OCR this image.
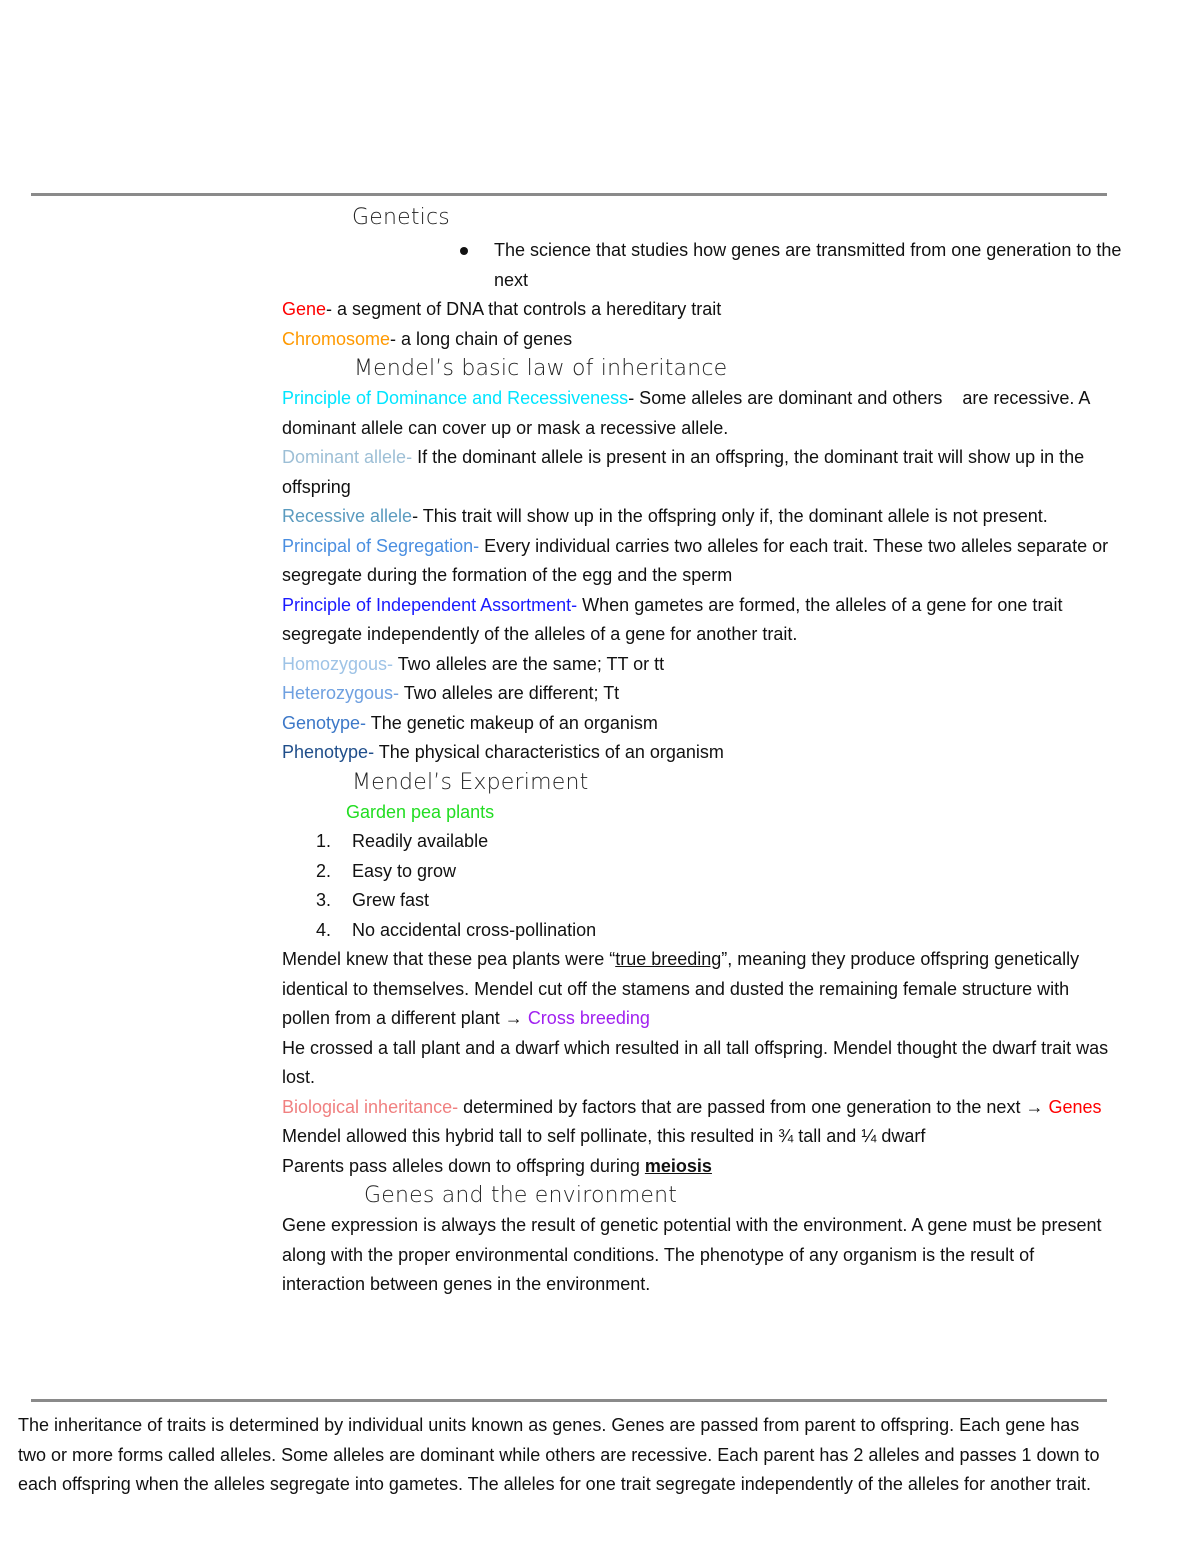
Genetics

The science that studies how genes are transmitted from one generation to the next

Gene- a segment of DNA that controls a hereditary trait

Chromosome- a long chain of genes

Mendel’s basic law of inheritance

Principle of Dominance and Recessiveness- Some alleles are dominant and others    are recessive. A dominant allele can cover up or mask a recessive allele.

Dominant allele- If the dominant allele is present in an offspring, the dominant trait will show up in the offspring

Recessive allele- This trait will show up in the offspring only if, the dominant allele is not present.

Principal of Segregation- Every individual carries two alleles for each trait. These two alleles separate or segregate during the formation of the egg and the sperm

Principle of Independent Assortment- When gametes are formed, the alleles of a gene for one trait segregate independently of the alleles of a gene for another trait.

Homozygous- Two alleles are the same; TT or tt

Heterozygous- Two alleles are different; Tt

Genotype- The genetic makeup of an organism

Phenotype- The physical characteristics of an organism

Mendel’s Experiment

Garden pea plants

1. Readily available
2. Easy to grow
3. Grew fast
4. No accidental cross-pollination

Mendel knew that these pea plants were “true breeding”, meaning they produce offspring genetically identical to themselves. Mendel cut off the stamens and dusted the remaining female structure with pollen from a different plant → Cross breeding

He crossed a tall plant and a dwarf which resulted in all tall offspring. Mendel thought the dwarf trait was lost.

Biological inheritance- determined by factors that are passed from one generation to the next → Genes

Mendel allowed this hybrid tall to self pollinate, this resulted in ¾ tall and ¼ dwarf

Parents pass alleles down to offspring during meiosis

Genes and the environment

Gene expression is always the result of genetic potential with the environment. A gene must be present along with the proper environmental conditions. The phenotype of any organism is the result of interaction between genes in the environment.

The inheritance of traits is determined by individual units known as genes. Genes are passed from parent to offspring. Each gene has two or more forms called alleles. Some alleles are dominant while others are recessive. Each parent has 2 alleles and passes 1 down to each offspring when the alleles segregate into gametes. The alleles for one trait segregate independently of the alleles for another trait.
